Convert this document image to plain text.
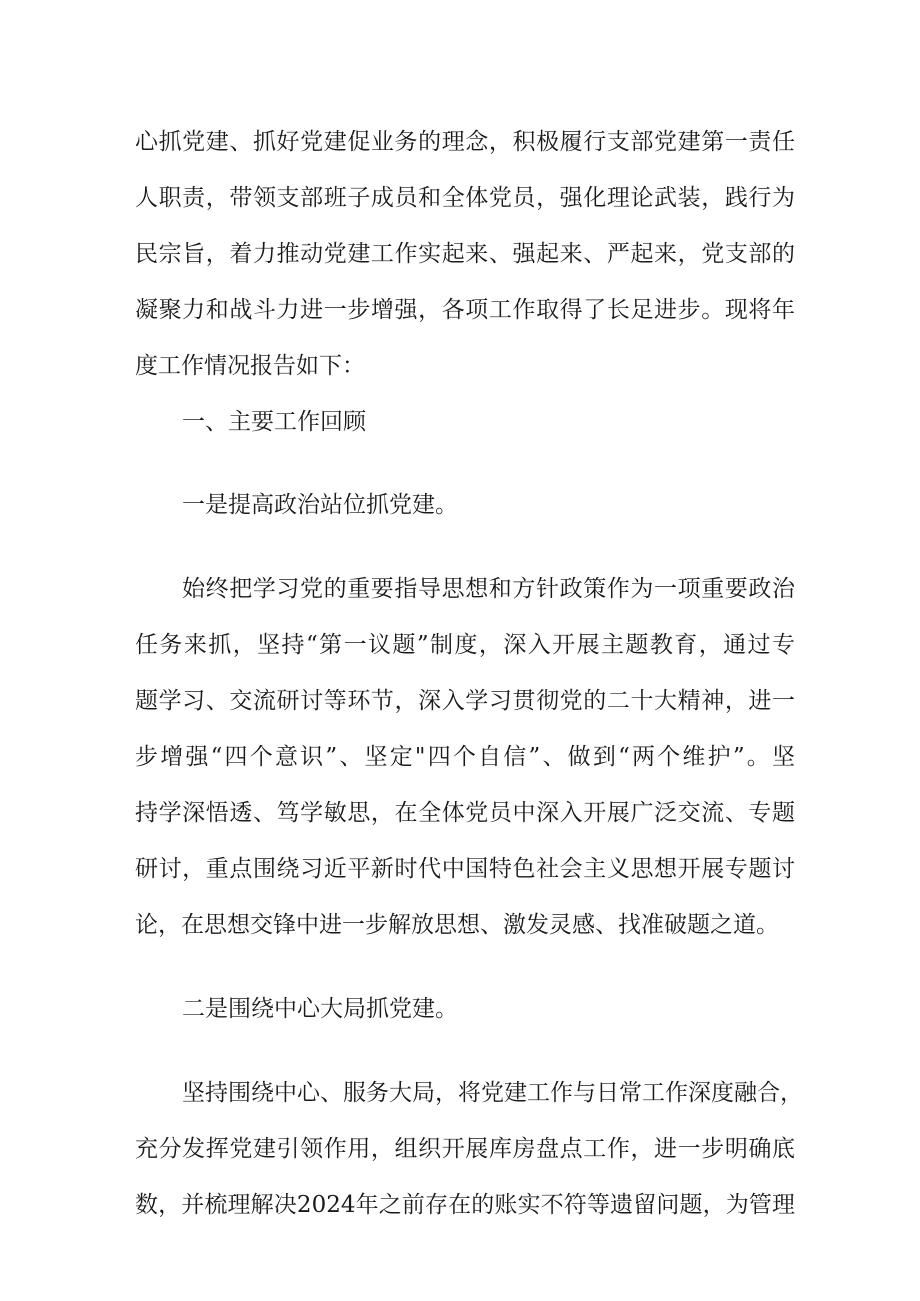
心抓党建、抓好党建促业务的理念，积极履行支部党建第一责任
人职责，带领支部班子成员和全体党员，强化理论武装，践行为
民宗旨，着力推动党建工作实起来、强起来、严起来，党支部的
凝聚力和战斗力进一步增强，各项工作取得了长足进步。现将年
度工作情况报告如下：
一、主要工作回顾
一是提高政治站位抓党建。
始终把学习党的重要指导思想和方针政策作为一项重要政治
任务来抓，坚持“第一议题”制度，深入开展主题教育，通过专
题学习、交流研讨等环节，深入学习贯彻党的二十大精神，进一
步增强“四个意识”、坚定"四个自信”、做到“两个维护”。坚
持学深悟透、笃学敏思，在全体党员中深入开展广泛交流、专题
研讨，重点围绕习近平新时代中国特色社会主义思想开展专题讨
论，在思想交锋中进一步解放思想、激发灵感、找准破题之道。
二是围绕中心大局抓党建。
坚持围绕中心、服务大局，将党建工作与日常工作深度融合，
充分发挥党建引领作用，组织开展库房盘点工作，进一步明确底
数，并梳理解决2024年之前存在的账实不符等遗留问题，为管理
